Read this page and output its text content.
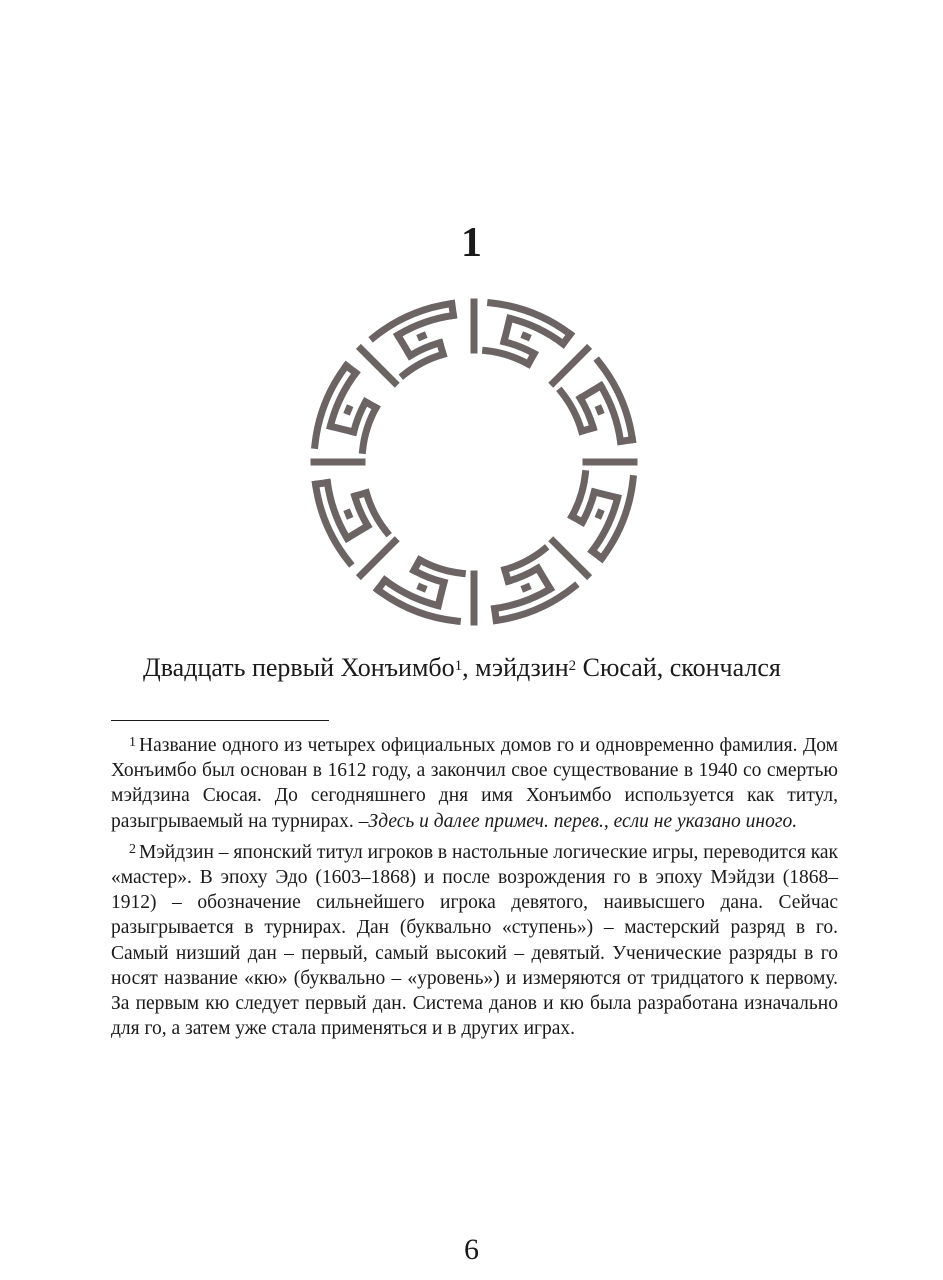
1
Двадцать первый Хонъимбо$^1$, мэйдзин$^2$ Сюсай, скончался

$^1$ Название одного из четырех официальных домов го и одновременно фамилия. Дом Хонъимбо был основан в 1612 году, а закончил свое существование в 1940 со смертью мэйдзина Сюсая. До сегодняшнего дня имя Хонъимбо используется как титул, разыгрываемый на турнирах. –Здесь и далее примеч. перев., если не указано иного.

$^2$ Мэйдзин – японский титул игроков в настольные логические игры, переводится как «мастер». В эпоху Эдо (1603–1868) и после возрождения го в эпоху Мэйдзи (1868–1912) – обозначение сильнейшего игрока девятого, наивысшего дана. Сейчас разыгрывается в турнирах. Дан (буквально «ступень») – мастерский разряд в го. Самый низший дан – первый, самый высокий – девятый. Ученические разряды в го носят название «кю» (буквально – «уровень») и измеряются от тридцатого к первому. За первым кю следует первый дан. Система данов и кю была разработана изначально для го, а затем уже стала применяться и в других играх.

6
